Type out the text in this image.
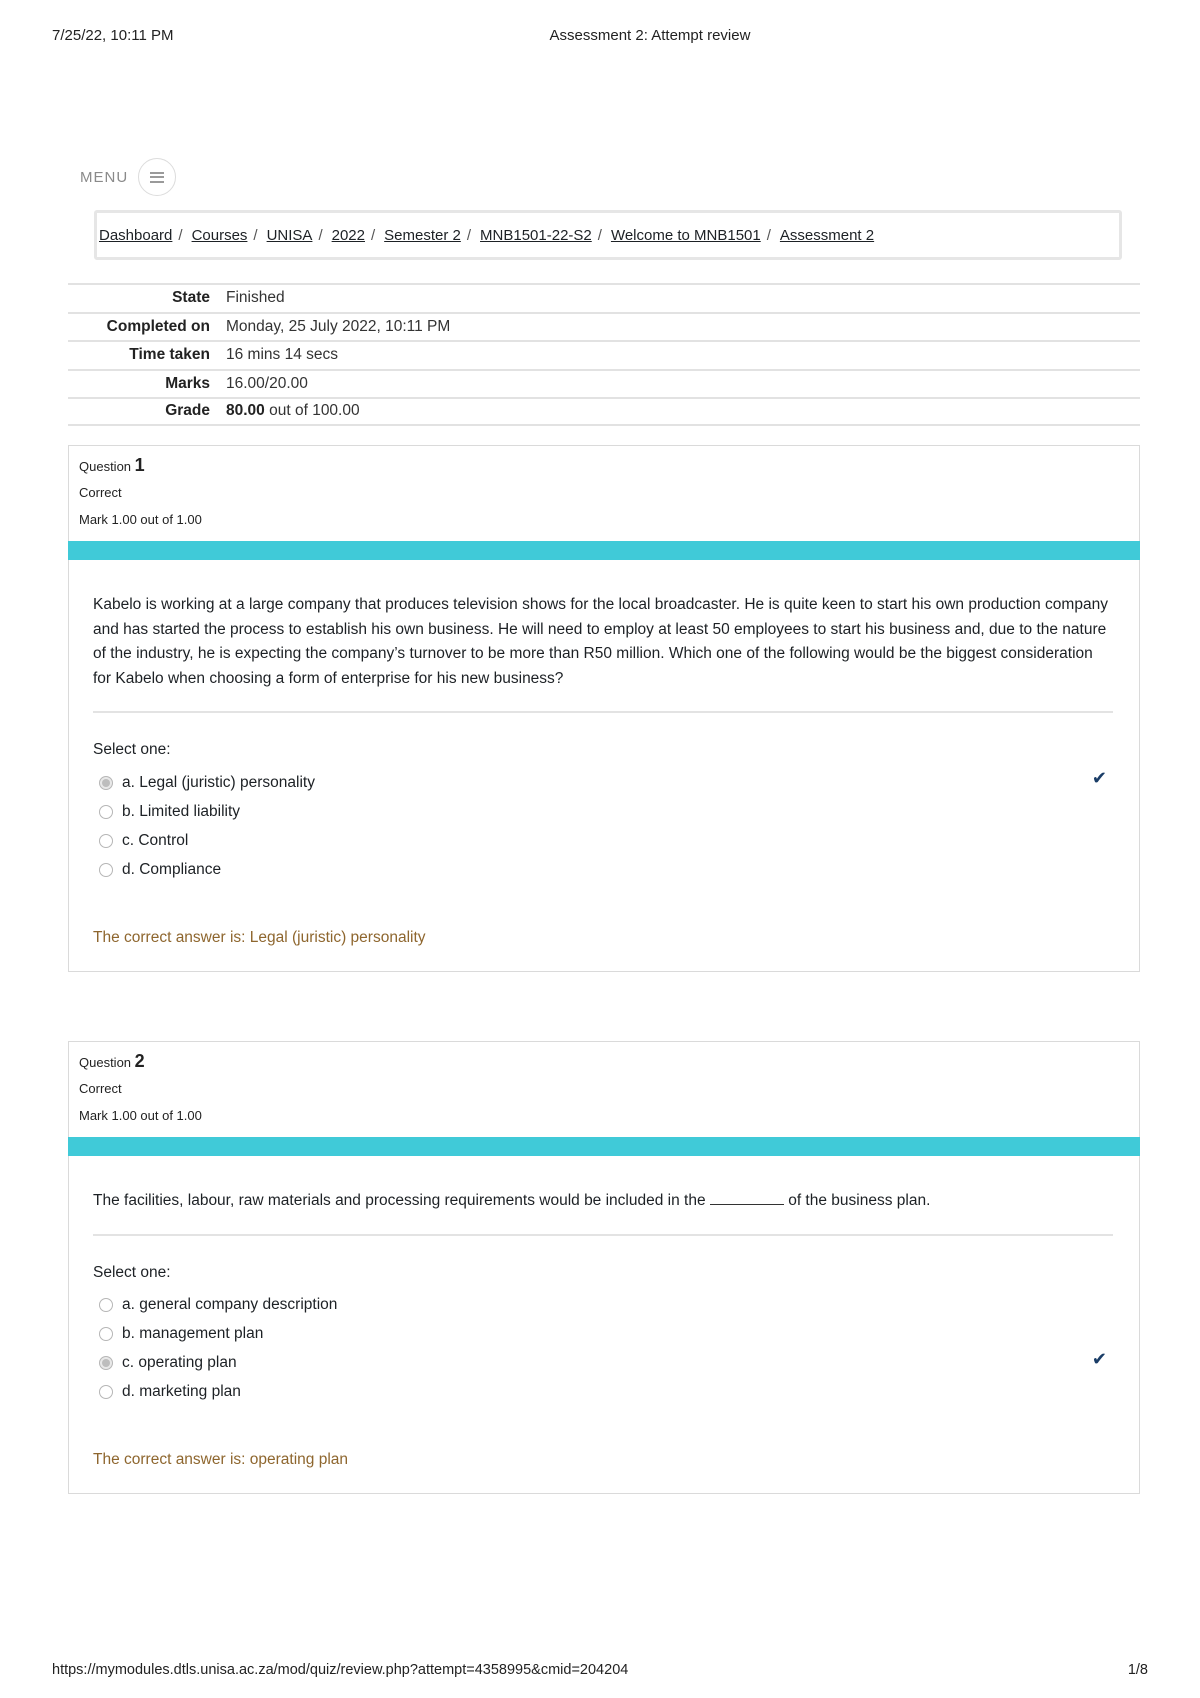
7/25/22, 10:11 PM	Assessment 2: Attempt review
MENU
Dashboard / Courses / UNISA / 2022 / Semester 2 / MNB1501-22-S2 / Welcome to MNB1501 / Assessment 2
State	Finished
Completed on	Monday, 25 July 2022, 10:11 PM
Time taken	16 mins 14 secs
Marks	16.00/20.00
Grade	80.00 out of 100.00
Question 1
Correct
Mark 1.00 out of 1.00
Kabelo is working at a large company that produces television shows for the local broadcaster. He is quite keen to start his own production company and has started the process to establish his own business. He will need to employ at least 50 employees to start his business and, due to the nature of the industry, he is expecting the company’s turnover to be more than R50 million. Which one of the following would be the biggest consideration for Kabelo when choosing a form of enterprise for his new business?
Select one:
a. Legal (juristic) personality	✔
b. Limited liability
c. Control
d. Compliance
The correct answer is: Legal (juristic) personality
Question 2
Correct
Mark 1.00 out of 1.00
The facilities, labour, raw materials and processing requirements would be included in the	of the business plan.
Select one:
a. general company description
b. management plan
c. operating plan	✔
d. marketing plan
The correct answer is: operating plan
https://mymodules.dtls.unisa.ac.za/mod/quiz/review.php?attempt=4358995&cmid=204204	1/8
